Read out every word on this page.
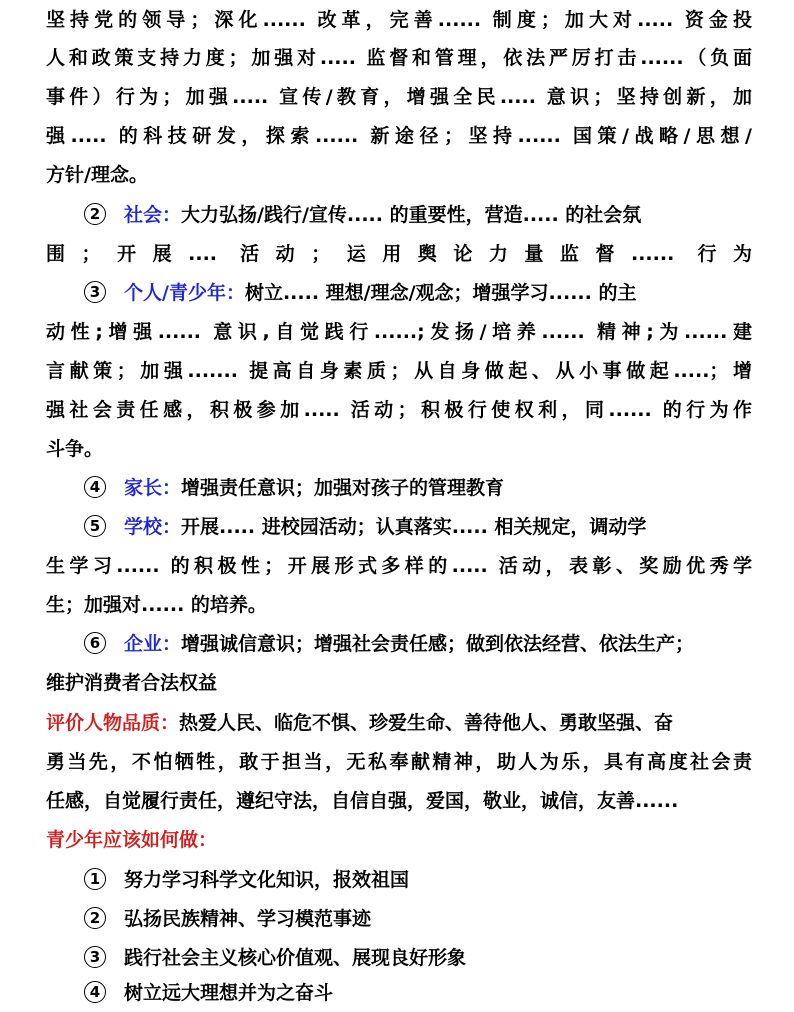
坚持党的领导；深化...... 改革，完善...... 制度；加大对..... 资金投
人和政策支持力度；加强对..... 监督和管理，依法严厉打击......（负面
事件）行为；加强..... 宣传/教育，增强全民..... 意识；坚持创新，加
强..... 的科技研发，探索...... 新途径；坚持...... 国策/战略/思想/
方针/理念。
2 社会：大力弘扬/践行/宣传..... 的重要性，营造..... 的社会氛
围；开展.... 活动；运用舆论力量监督...... 行为
3 个人/青少年：树立..... 理想/理念/观念；增强学习...... 的主
动性;增强...... 意识,自觉践行......;发扬/培养...... 精神;为......建
言献策；加强....... 提高自身素质；从自身做起、从小事做起.....；增
强社会责任感，积极参加..... 活动；积极行使权利，同...... 的行为作
斗争。
4 家长：增强责任意识；加强对孩子的管理教育
5 学校：开展..... 进校园活动；认真落实..... 相关规定，调动学
生学习...... 的积极性；开展形式多样的..... 活动，表彰、奖励优秀学
生；加强对...... 的培养。
6 企业：增强诚信意识；增强社会责任感；做到依法经营、依法生产；
维护消费者合法权益
评价人物品质：热爱人民、临危不惧、珍爱生命、善待他人、勇敢坚强、奋
勇当先，不怕牺牲，敢于担当，无私奉献精神，助人为乐，具有高度社会责
任感，自觉履行责任，遵纪守法，自信自强，爱国，敬业，诚信，友善......
青少年应该如何做：
1 努力学习科学文化知识，报效祖国
2 弘扬民族精神、学习模范事迹
3 践行社会主义核心价值观、展现良好形象
4 树立远大理想并为之奋斗
